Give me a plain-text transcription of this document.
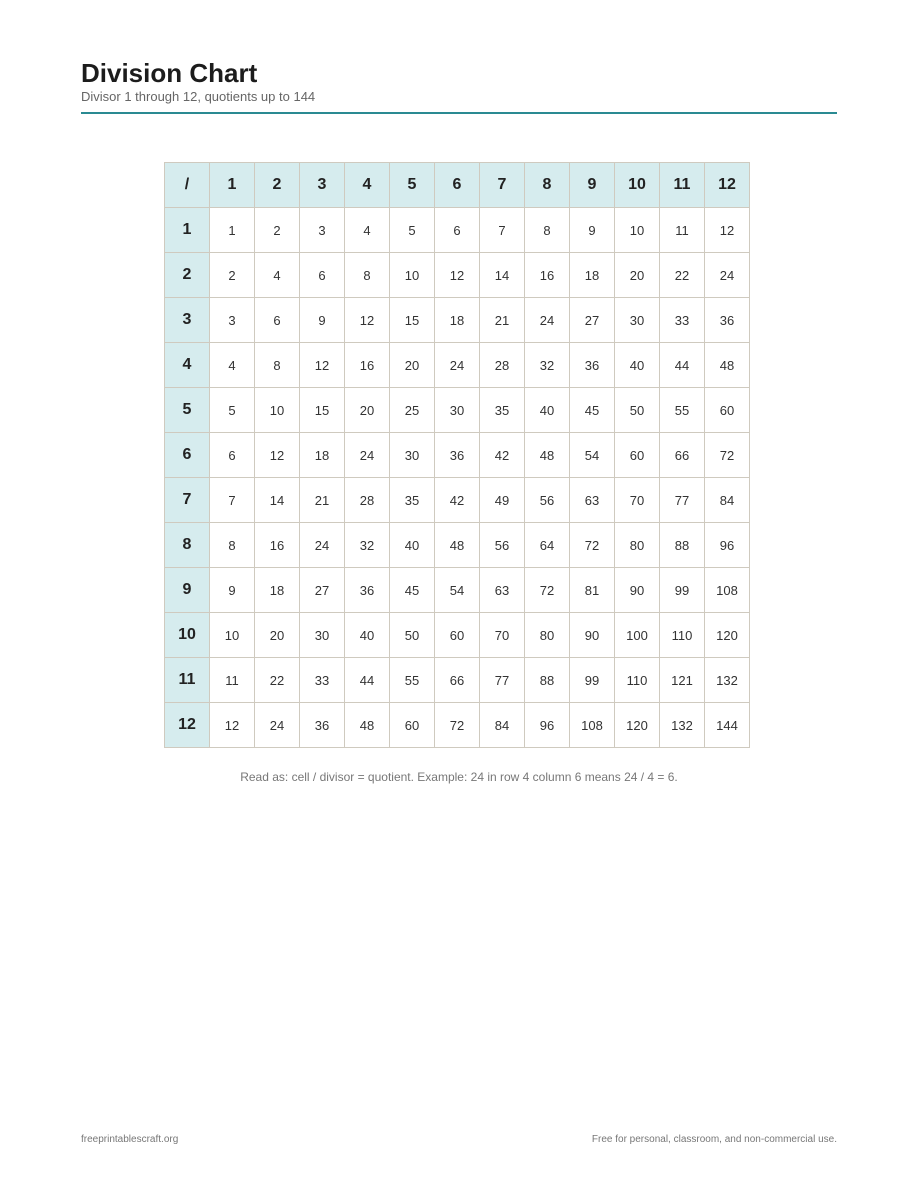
Division Chart
Divisor 1 through 12, quotients up to 144
/	1	2	3	4	5	6	7	8	9	10	11	12
1	1	2	3	4	5	6	7	8	9	10	11	12
2	2	4	6	8	10	12	14	16	18	20	22	24
3	3	6	9	12	15	18	21	24	27	30	33	36
4	4	8	12	16	20	24	28	32	36	40	44	48
5	5	10	15	20	25	30	35	40	45	50	55	60
6	6	12	18	24	30	36	42	48	54	60	66	72
7	7	14	21	28	35	42	49	56	63	70	77	84
8	8	16	24	32	40	48	56	64	72	80	88	96
9	9	18	27	36	45	54	63	72	81	90	99	108
10	10	20	30	40	50	60	70	80	90	100	110	120
11	11	22	33	44	55	66	77	88	99	110	121	132
12	12	24	36	48	60	72	84	96	108	120	132	144
Read as: cell / divisor = quotient. Example: 24 in row 4 column 6 means 24 / 4 = 6.
freeprintablescraft.org	Free for personal, classroom, and non-commercial use.
